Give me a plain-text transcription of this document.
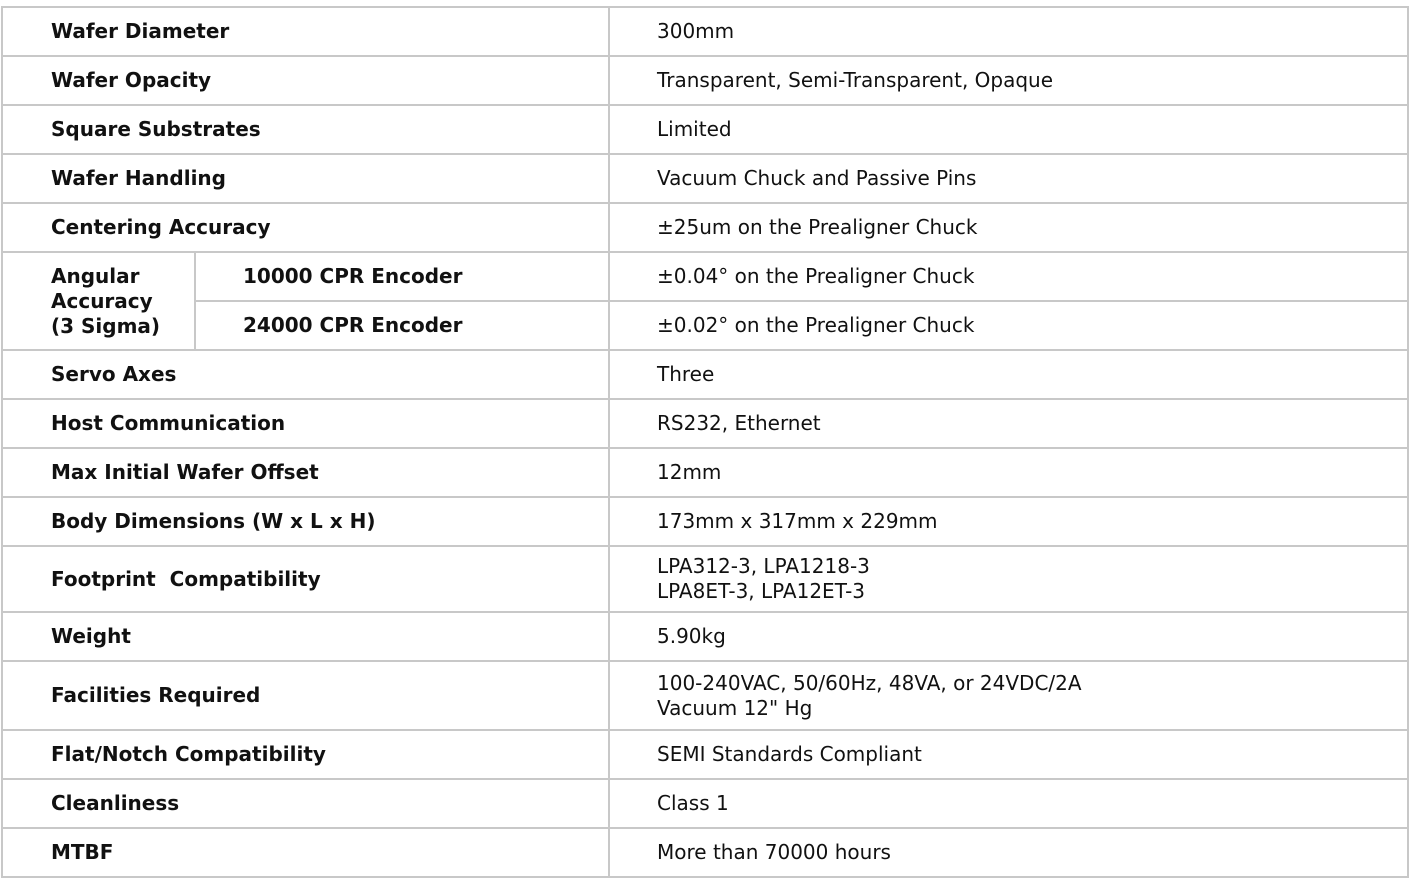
Wafer Diameter		300mm

Wafer Opacity		Transparent, Semi-Transparent, Opaque

Square Substrates		Limited

Wafer Handling		Vacuum Chuck and Passive Pins

Centering Accuracy		±25um on the Prealigner Chuck

Angular
Accuracy
(3 Sigma)	10000 CPR Encoder	±0.04° on the Prealigner Chuck

	24000 CPR Encoder	±0.02° on the Prealigner Chuck

Servo Axes		Three

Host Communication		RS232, Ethernet

Max Initial Wafer Offset		12mm

Body Dimensions (W x L x H)		173mm x 317mm x 229mm

Footprint  Compatibility		LPA312-3, LPA1218-3
LPA8ET-3, LPA12ET-3

Weight		5.90kg

Facilities Required		100-240VAC, 50/60Hz, 48VA, or 24VDC/2A
Vacuum 12" Hg

Flat/Notch Compatibility		SEMI Standards Compliant

Cleanliness		Class 1

MTBF		More than 70000 hours
